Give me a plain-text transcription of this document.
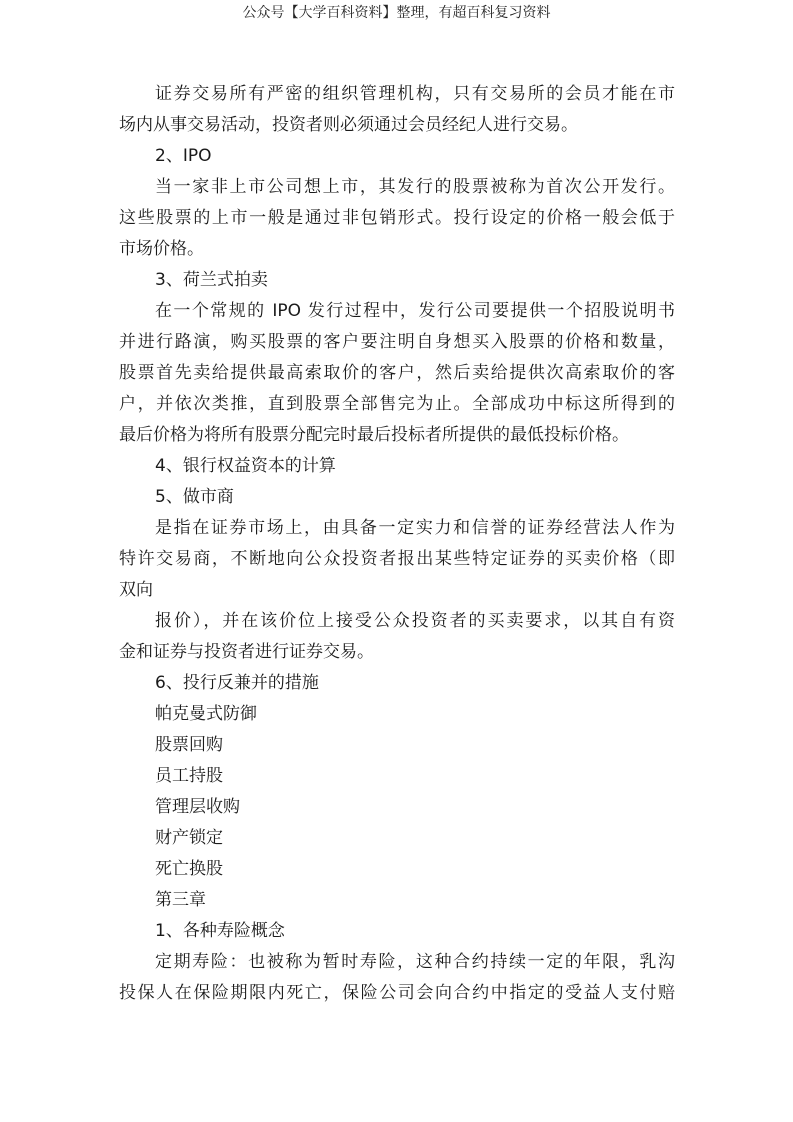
公众号【大学百科资料】整理，有超百科复习资料
证券交易所有严密的组织管理机构，只有交易所的会员才能在市
场内从事交易活动，投资者则必须通过会员经纪人进行交易。
2、IPO
当一家非上市公司想上市，其发行的股票被称为首次公开发行。
这些股票的上市一般是通过非包销形式。投行设定的价格一般会低于
市场价格。
3、荷兰式拍卖
在一个常规的 IPO 发行过程中，发行公司要提供一个招股说明书
并进行路演，购买股票的客户要注明自身想买入股票的价格和数量，
股票首先卖给提供最高索取价的客户，然后卖给提供次高索取价的客
户，并依次类推，直到股票全部售完为止。全部成功中标这所得到的
最后价格为将所有股票分配完时最后投标者所提供的最低投标价格。
4、银行权益资本的计算
5、做市商
是指在证券市场上，由具备一定实力和信誉的证券经营法人作为
特许交易商，不断地向公众投资者报出某些特定证券的买卖价格（即
双向
报价），并在该价位上接受公众投资者的买卖要求，以其自有资
金和证券与投资者进行证券交易。
6、投行反兼并的措施
帕克曼式防御
股票回购
员工持股
管理层收购
财产锁定
死亡换股
第三章
1、各种寿险概念
定期寿险：也被称为暂时寿险，这种合约持续一定的年限，乳沟
投保人在保险期限内死亡，保险公司会向合约中指定的受益人支付赔
